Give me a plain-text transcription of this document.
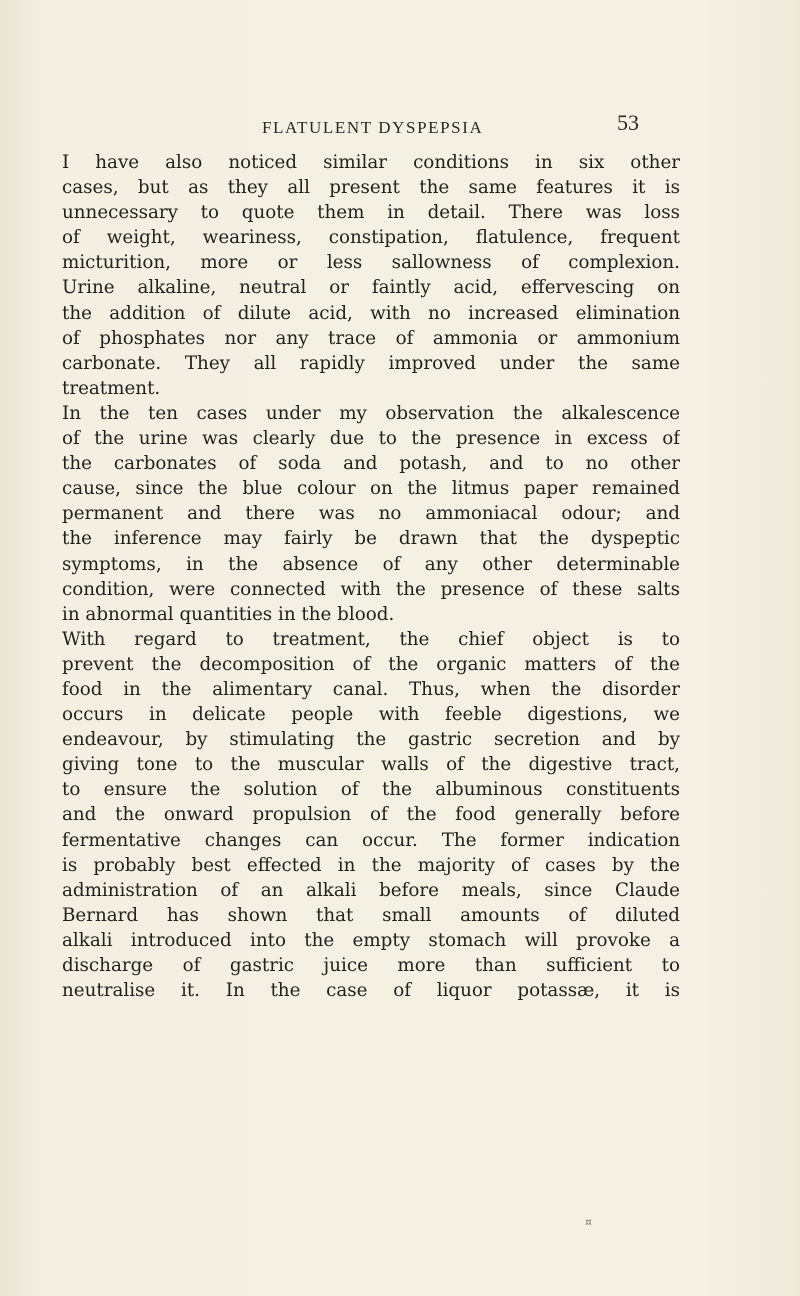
FLATULENT DYSPEPSIA	53
I have also noticed similar conditions in six other
cases, but as they all present the same features it is
unnecessary to quote them in detail. There was loss
of weight, weariness, constipation, flatulence, frequent
micturition, more or less sallowness of complexion.
Urine alkaline, neutral or faintly acid, effervescing on
the addition of dilute acid, with no increased elimination
of phosphates nor any trace of ammonia or ammonium
carbonate. They all rapidly improved under the same
treatment.
In the ten cases under my observation the alkalescence
of the urine was clearly due to the presence in excess of
the carbonates of soda and potash, and to no other
cause, since the blue colour on the litmus paper remained
permanent and there was no ammoniacal odour; and
the inference may fairly be drawn that the dyspeptic
symptoms, in the absence of any other determinable
condition, were connected with the presence of these salts
in abnormal quantities in the blood.
With regard to treatment, the chief object is to
prevent the decomposition of the organic matters of the
food in the alimentary canal. Thus, when the disorder
occurs in delicate people with feeble digestions, we
endeavour, by stimulating the gastric secretion and by
giving tone to the muscular walls of the digestive tract,
to ensure the solution of the albuminous constituents
and the onward propulsion of the food generally before
fermentative changes can occur. The former indication
is probably best effected in the majority of cases by the
administration of an alkali before meals, since Claude
Bernard has shown that small amounts of diluted
alkali introduced into the empty stomach will provoke a
discharge of gastric juice more than sufficient to
neutralise it. In the case of liquor potassæ, it is
¤
